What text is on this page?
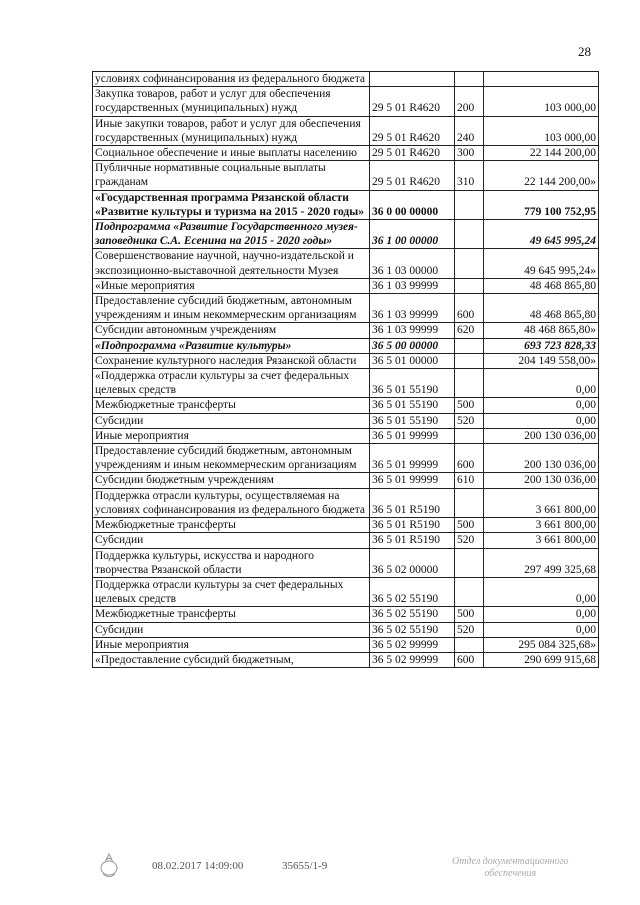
28
условиях софинансирования из федерального бюджета			
Закупка товаров, работ и услуг для обеспечения государственных (муниципальных) нужд	29 5 01 R4620	200	103 000,00
Иные закупки товаров, работ и услуг для обеспечения государственных (муниципальных) нужд	29 5 01 R4620	240	103 000,00
Социальное обеспечение и иные выплаты населению	29 5 01 R4620	300	22 144 200,00
Публичные нормативные социальные выплаты гражданам	29 5 01 R4620	310	22 144 200,00»
«Государственная программа Рязанской области «Развитие культуры и туризма на 2015 - 2020 годы»	36 0 00 00000		779 100 752,95
Подпрограмма «Развитие Государственного музея-заповедника С.А. Есенина на 2015 - 2020 годы»	36 1 00 00000		49 645 995,24
Совершенствование научной, научно-издательской и экспозиционно-выставочной деятельности Музея	36 1 03 00000		49 645 995,24»
«Иные мероприятия	36 1 03 99999		48 468 865,80
Предоставление субсидий бюджетным, автономным учреждениям и иным некоммерческим организациям	36 1 03 99999	600	48 468 865,80
Субсидии автономным учреждениям	36 1 03 99999	620	48 468 865,80»
«Подпрограмма «Развитие культуры»	36 5 00 00000		693 723 828,33
Сохранение культурного наследия Рязанской области	36 5 01 00000		204 149 558,00»
«Поддержка отрасли культуры за счет федеральных целевых средств	36 5 01 55190		0,00
Межбюджетные трансферты	36 5 01 55190	500	0,00
Субсидии	36 5 01 55190	520	0,00
Иные мероприятия	36 5 01 99999		200 130 036,00
Предоставление субсидий бюджетным, автономным учреждениям и иным некоммерческим организациям	36 5 01 99999	600	200 130 036,00
Субсидии бюджетным учреждениям	36 5 01 99999	610	200 130 036,00
Поддержка отрасли культуры, осуществляемая на условиях софинансирования из федерального бюджета	36 5 01 R5190		3 661 800,00
Межбюджетные трансферты	36 5 01 R5190	500	3 661 800,00
Субсидии	36 5 01 R5190	520	3 661 800,00
Поддержка культуры, искусства и народного творчества Рязанской области	36 5 02 00000		297 499 325,68
Поддержка отрасли культуры за счет федеральных целевых средств	36 5 02 55190		0,00
Межбюджетные трансферты	36 5 02 55190	500	0,00
Субсидии	36 5 02 55190	520	0,00
Иные мероприятия	36 5 02 99999		295 084 325,68»
«Предоставление субсидий бюджетным,	36 5 02 99999	600	290 699 915,68
08.02.2017 14:09:00	35655/1-9	Отдел документационного
обеспечения
